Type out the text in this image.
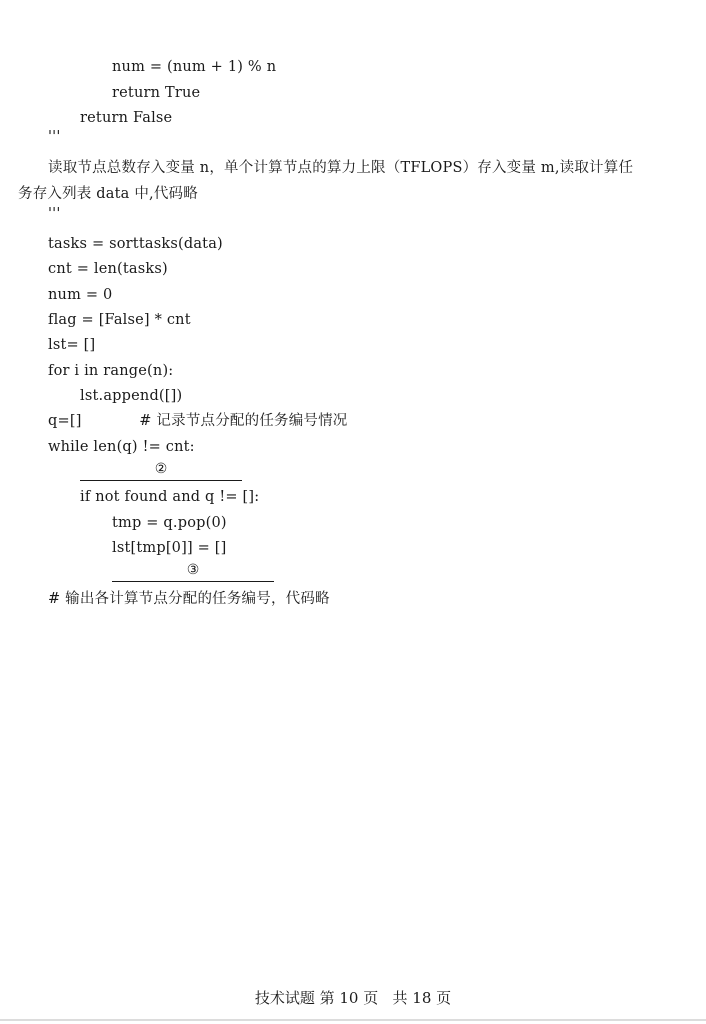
num = (num + 1) % n
return True
return False
'''
读取节点总数存入变量 n，单个计算节点的算力上限（TFLOPS）存入变量 m,读取计算任
务存入列表 data 中,代码略
'''
tasks = sorttasks(data)
cnt = len(tasks)
num = 0
flag = [False] * cnt
lst= []
for i in range(n):
lst.append([])
q=[]            # 记录节点分配的任务编号情况
while len(q) != cnt:
②
if not found and q != []:
tmp = q.pop(0)
lst[tmp[0]] = []
③
# 输出各计算节点分配的任务编号，代码略
技术试题 第 10 页   共 18 页
